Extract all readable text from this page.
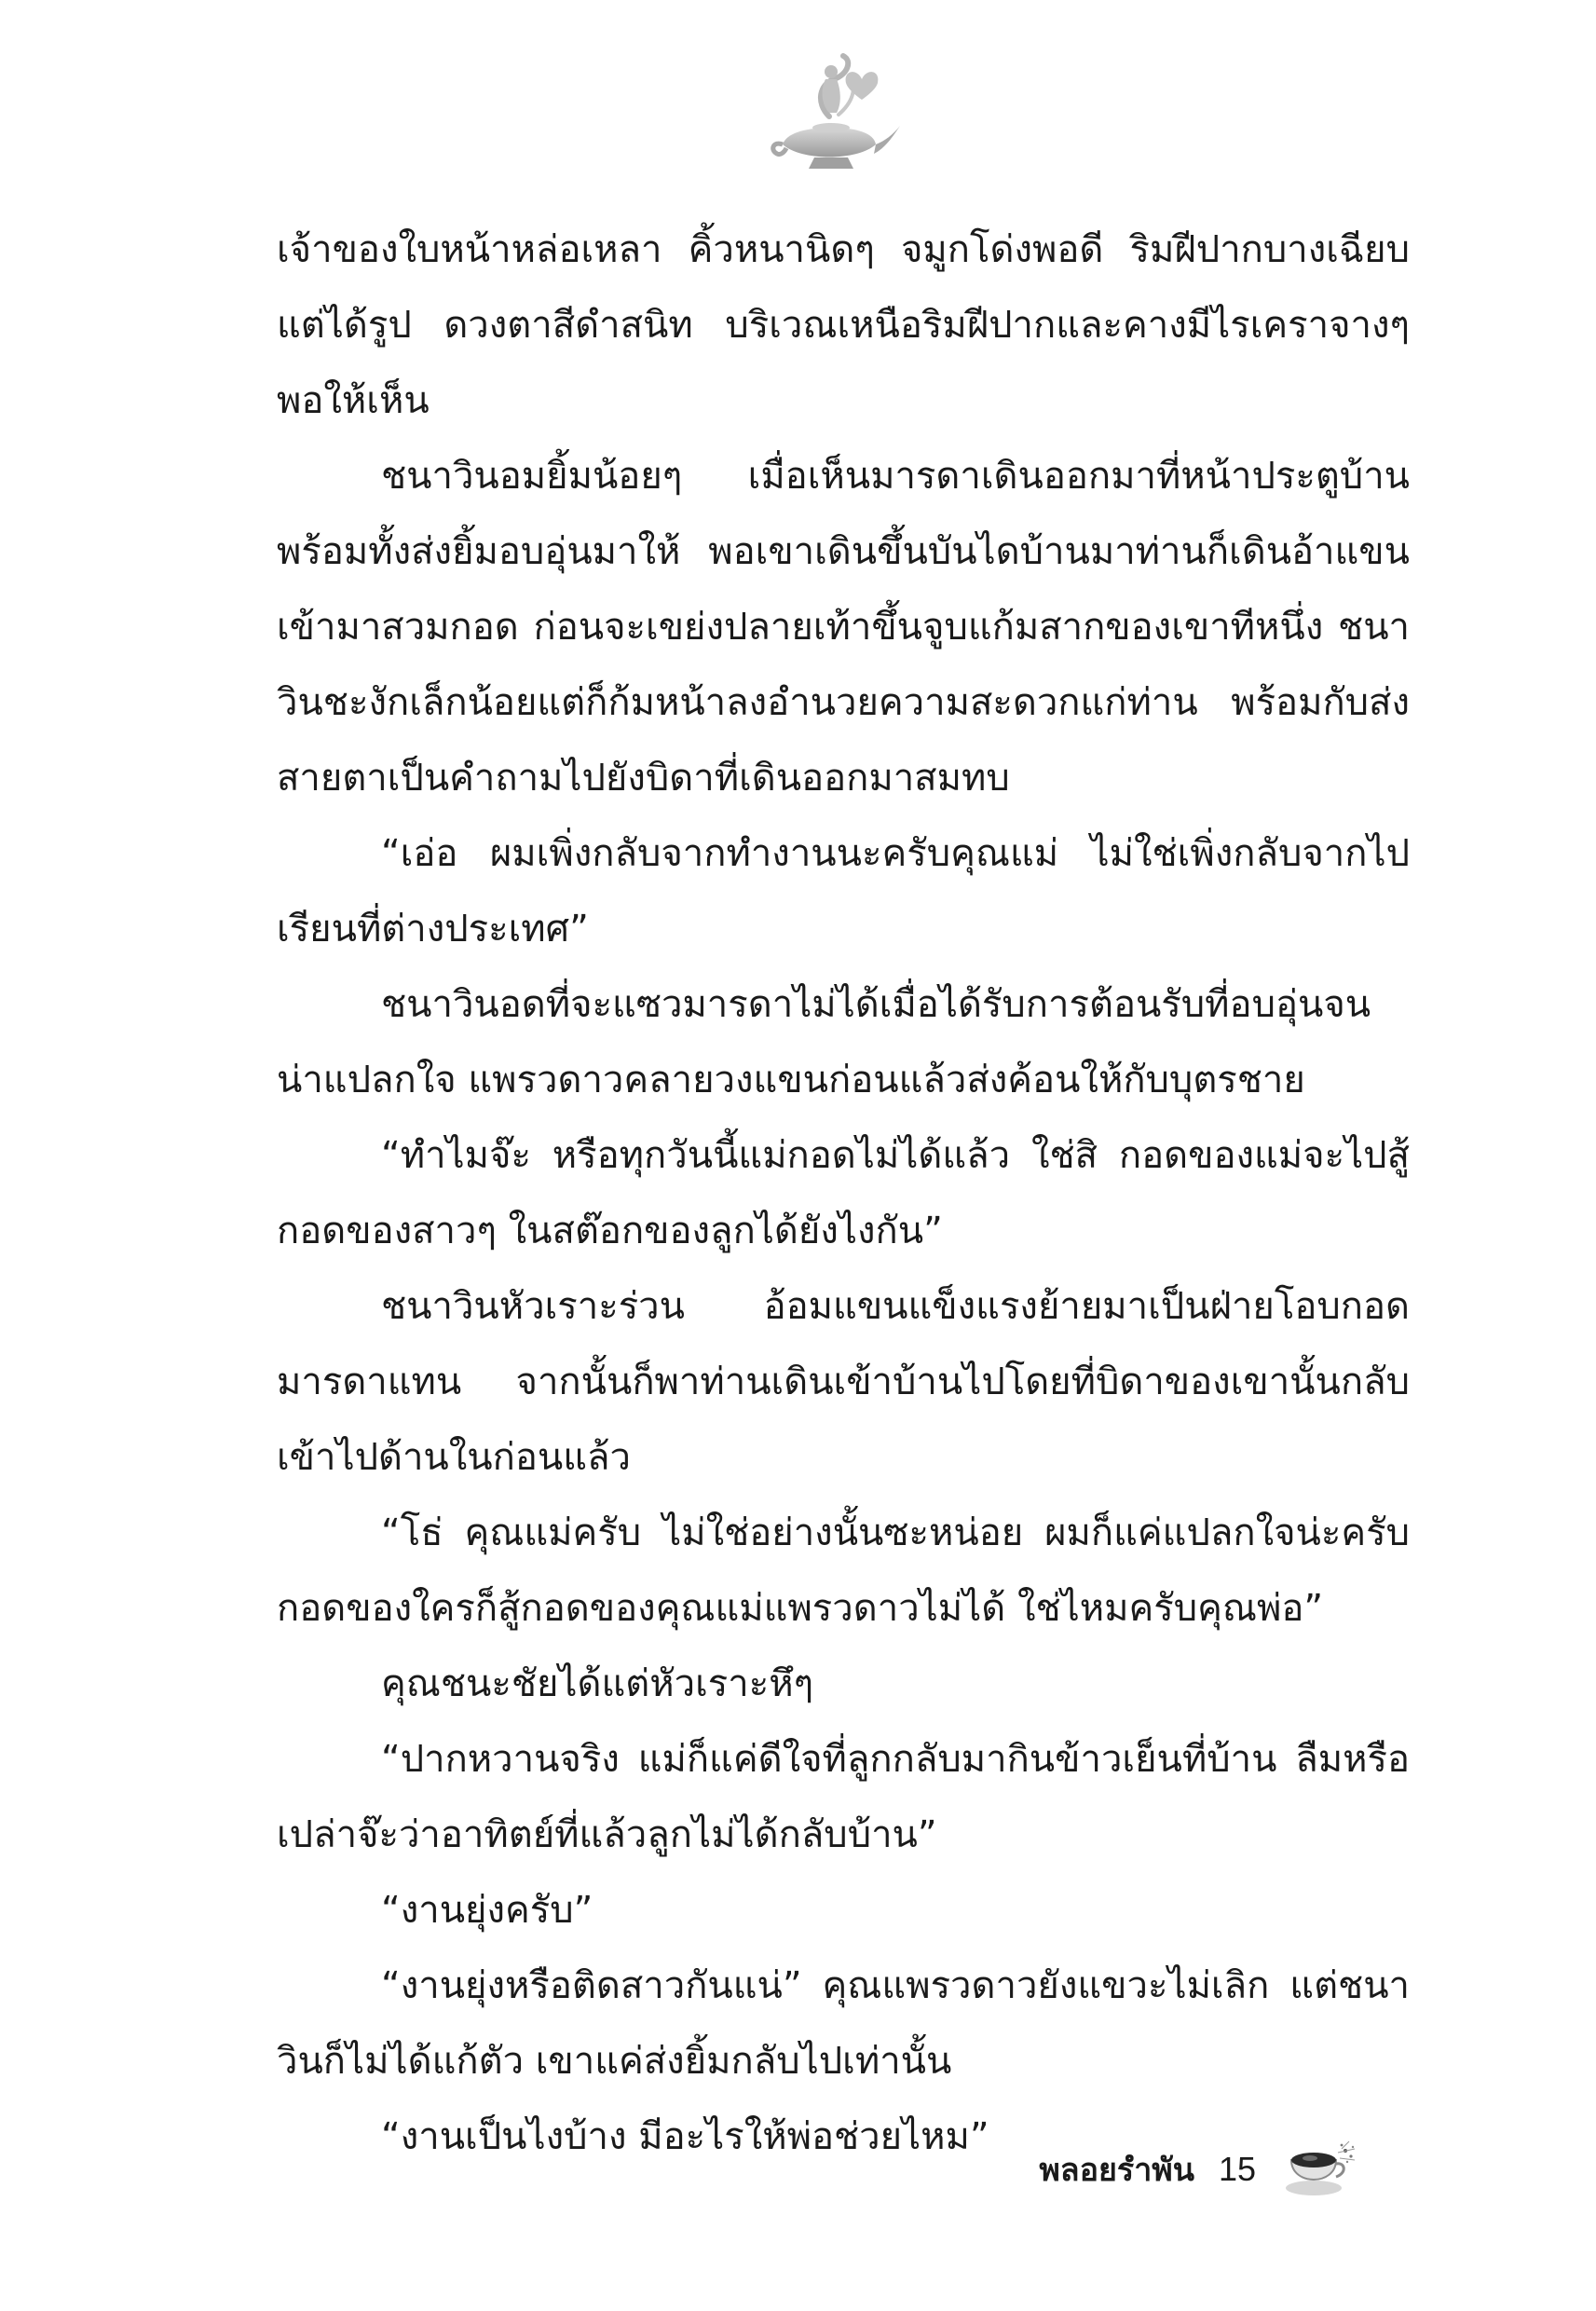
เจ้าของใบหน้าหล่อเหลา คิ้วหนานิดๆ จมูกโด่งพอดี ริมฝีปากบางเฉียบแต่ได้รูป ดวงตาสีดำสนิท บริเวณเหนือริมฝีปากและคางมีไรเคราจางๆ พอให้เห็น

ชนาวินอมยิ้มน้อยๆ เมื่อเห็นมารดาเดินออกมาที่หน้าประตูบ้าน พร้อมทั้งส่งยิ้มอบอุ่นมาให้ พอเขาเดินขึ้นบันไดบ้านมาท่านก็เดินอ้าแขนเข้ามาสวมกอด ก่อนจะเขย่งปลายเท้าขึ้นจูบแก้มสากของเขาทีหนึ่ง ชนาวินชะงักเล็กน้อยแต่ก็ก้มหน้าลงอำนวยความสะดวกแก่ท่าน พร้อมกับส่งสายตาเป็นคำถามไปยังบิดาที่เดินออกมาสมทบ

“เอ่อ ผมเพิ่งกลับจากทำงานนะครับคุณแม่ ไม่ใช่เพิ่งกลับจากไปเรียนที่ต่างประเทศ”

ชนาวินอดที่จะแซวมารดาไม่ได้เมื่อได้รับการต้อนรับที่อบอุ่นจนน่าแปลกใจ แพรวดาวคลายวงแขนก่อนแล้วส่งค้อนให้กับบุตรชาย

“ทำไมจ๊ะ หรือทุกวันนี้แม่กอดไม่ได้แล้ว ใช่สิ กอดของแม่จะไปสู้กอดของสาวๆ ในสต๊อกของลูกได้ยังไงกัน”

ชนาวินหัวเราะร่วน อ้อมแขนแข็งแรงย้ายมาเป็นฝ่ายโอบกอดมารดาแทน จากนั้นก็พาท่านเดินเข้าบ้านไปโดยที่บิดาของเขานั้นกลับเข้าไปด้านในก่อนแล้ว

“โธ่ คุณแม่ครับ ไม่ใช่อย่างนั้นซะหน่อย ผมก็แค่แปลกใจน่ะครับ กอดของใครก็สู้กอดของคุณแม่แพรวดาวไม่ได้ ใช่ไหมครับคุณพ่อ”

คุณชนะชัยได้แต่หัวเราะหึๆ

“ปากหวานจริง แม่ก็แค่ดีใจที่ลูกกลับมากินข้าวเย็นที่บ้าน ลืมหรือเปล่าจ๊ะว่าอาทิตย์ที่แล้วลูกไม่ได้กลับบ้าน”

“งานยุ่งครับ”

“งานยุ่งหรือติดสาวกันแน่” คุณแพรวดาวยังแขวะไม่เลิก แต่ชนาวินก็ไม่ได้แก้ตัว เขาแค่ส่งยิ้มกลับไปเท่านั้น

“งานเป็นไงบ้าง มีอะไรให้พ่อช่วยไหม”

พลอยรำพัน 15
